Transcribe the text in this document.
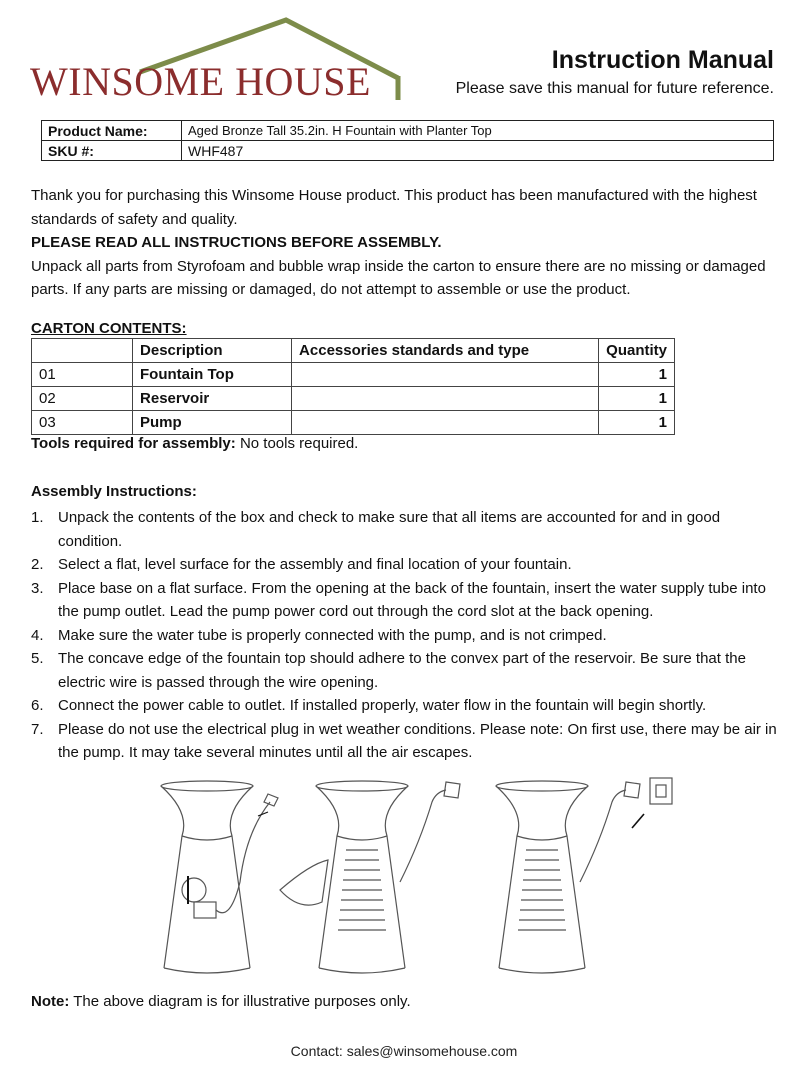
WINSOME HOUSE	Instruction Manual
Please save this manual for future reference.
Product Name:	Aged Bronze Tall 35.2in. H Fountain with Planter Top
SKU #:	WHF487

Thank you for purchasing this Winsome House product. This product has been manufactured with the highest standards of safety and quality.

PLEASE READ ALL INSTRUCTIONS BEFORE ASSEMBLY.

Unpack all parts from Styrofoam and bubble wrap inside the carton to ensure there are no missing or damaged parts. If any parts are missing or damaged, do not attempt to assemble or use the product.

CARTON CONTENTS:
	Description	Accessories standards and type	Quantity
01	Fountain Top		1
02	Reservoir		1
03	Pump		1
Tools required for assembly: No tools required.
Assembly Instructions:
1. Unpack the contents of the box and check to make sure that all items are accounted for and in good condition.
2. Select a flat, level surface for the assembly and final location of your fountain.
3. Place base on a flat surface. From the opening at the back of the fountain, insert the water supply tube into the pump outlet. Lead the pump power cord out through the cord slot at the back opening.
4. Make sure the water tube is properly connected with the pump, and is not crimped.
5. The concave edge of the fountain top should adhere to the convex part of the reservoir. Be sure that the electric wire is passed through the wire opening.
6. Connect the power cable to outlet. If installed properly, water flow in the fountain will begin shortly.
7. Please do not use the electrical plug in wet weather conditions. Please note: On first use, there may be air in the pump. It may take several minutes until all the air escapes.
Note: The above diagram is for illustrative purposes only.
Contact: sales@winsomehouse.com
